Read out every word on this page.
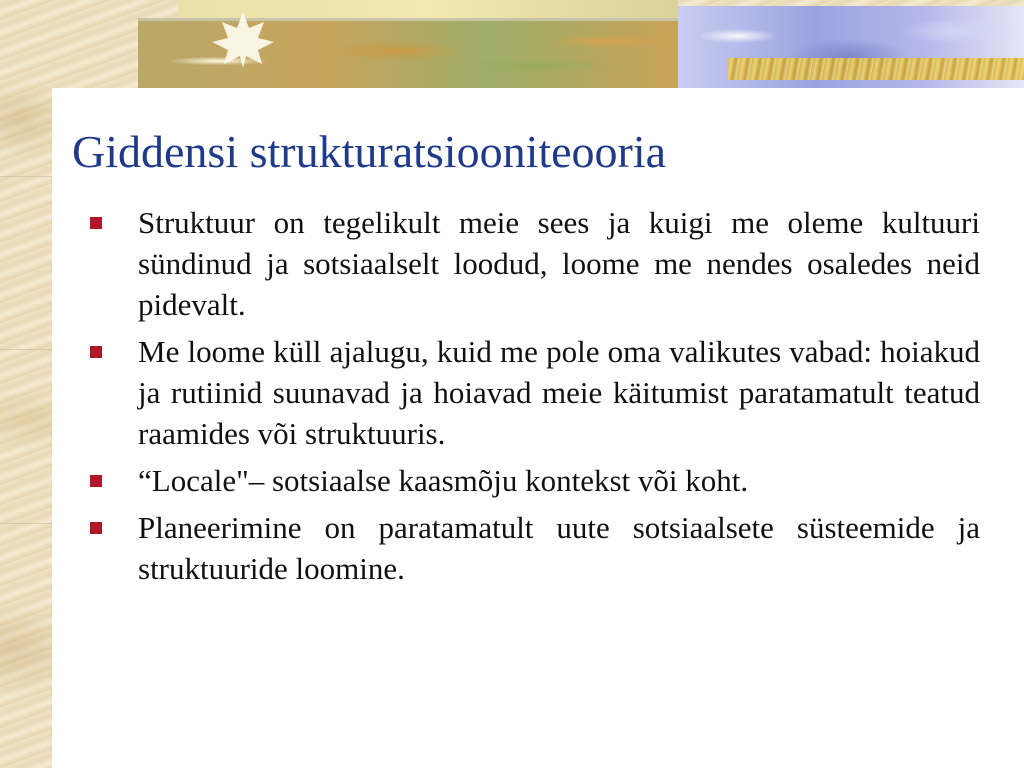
Giddensi strukturatsiooniteooria
Struktuur on tegelikult meie sees ja kuigi me oleme kultuuri sündinud ja sotsiaalselt loodud, loome me nendes osaledes neid pidevalt.
Me loome küll ajalugu, kuid me pole oma valikutes vabad: hoiakud ja rutiinid suunavad ja hoiavad meie käitumist paratamatult teatud raamides või struktuuris.
“Locale"– sotsiaalse kaasmõju kontekst või koht.
Planeerimine on paratamatult uute sotsiaalsete süsteemide ja struktuuride loomine.
